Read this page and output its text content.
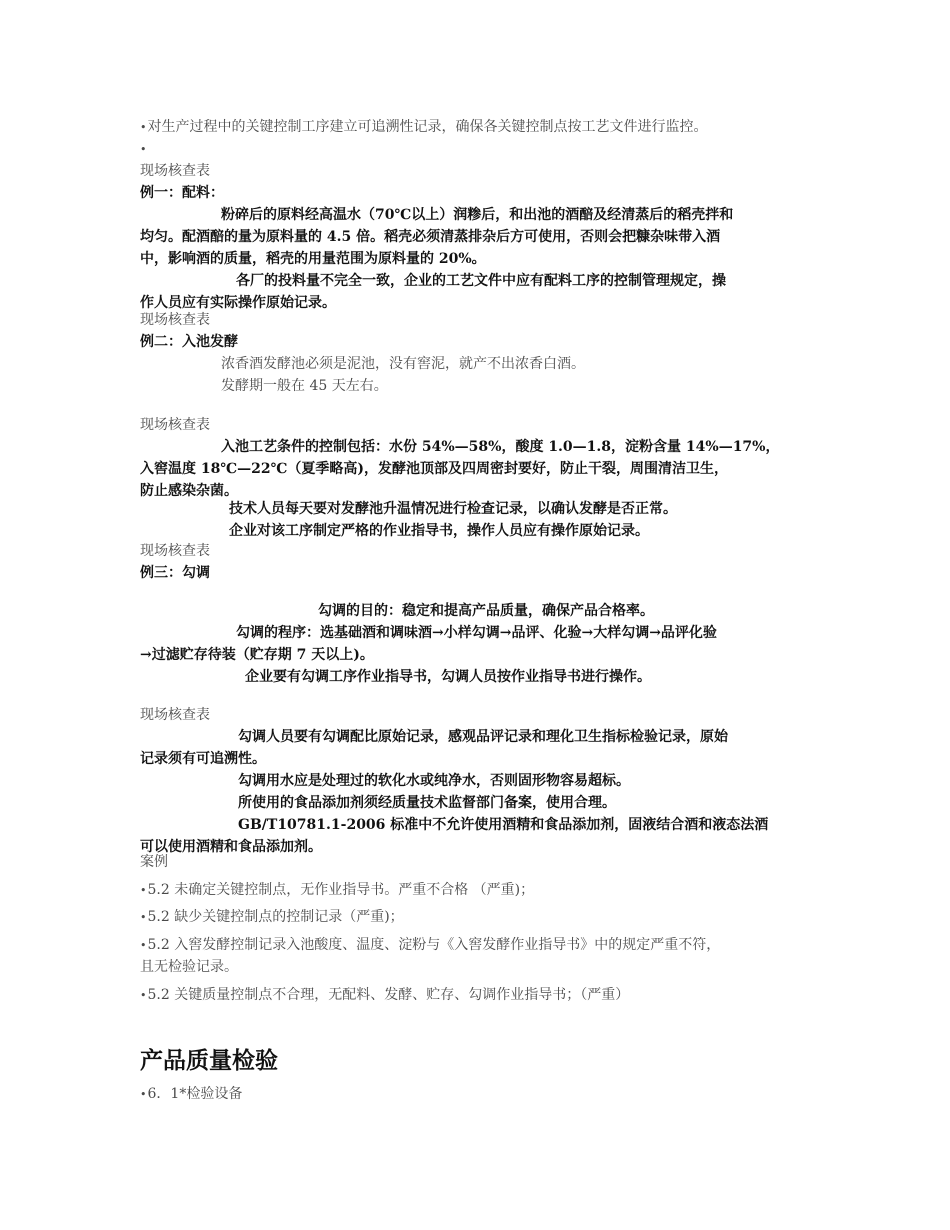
•对生产过程中的关键控制工序建立可追溯性记录，确保各关键控制点按工艺文件进行监控。
•
现场核查表
例一：配料：
粉碎后的原料经高温水（70℃以上）润糁后，和出池的酒醅及经清蒸后的稻壳拌和
均匀。配酒醅的量为原料量的 4.5 倍。稻壳必须清蒸排杂后方可使用，否则会把糠杂味带入酒
中，影响酒的质量，稻壳的用量范围为原料量的 20%。
各厂的投料量不完全一致，企业的工艺文件中应有配料工序的控制管理规定，操
作人员应有实际操作原始记录。
现场核查表
例二：入池发酵
浓香酒发酵池必须是泥池，没有窖泥，就产不出浓香白酒。
发酵期一般在 45 天左右。
现场核查表
入池工艺条件的控制包括：水份 54%—58%，酸度 1.0—1.8，淀粉含量 14%—17%，
入窖温度 18℃—22℃（夏季略高)，发酵池顶部及四周密封要好，防止干裂，周围清洁卫生，
防止感染杂菌。
技术人员每天要对发酵池升温情况进行检查记录，以确认发酵是否正常。
企业对该工序制定严格的作业指导书，操作人员应有操作原始记录。
现场核查表
例三：勾调
勾调的目的：稳定和提高产品质量，确保产品合格率。
勾调的程序：选基础酒和调味酒→小样勾调→品评、化验→大样勾调→品评化验
→过滤贮存待装（贮存期 7 天以上)。
企业要有勾调工序作业指导书，勾调人员按作业指导书进行操作。
现场核查表
勾调人员要有勾调配比原始记录，感观品评记录和理化卫生指标检验记录，原始
记录须有可追溯性。
勾调用水应是处理过的软化水或纯净水，否则固形物容易超标。
所使用的食品添加剂须经质量技术监督部门备案，使用合理。
GB/T10781.1-2006 标准中不允许使用酒精和食品添加剂，固液结合酒和液态法酒
可以使用酒精和食品添加剂。
案例
•5.2 未确定关键控制点，无作业指导书。严重不合格 （严重)；
•5.2 缺少关键控制点的控制记录（严重)；
•5.2 入窖发酵控制记录入池酸度、温度、淀粉与《入窖发酵作业指导书》中的规定严重不符，
且无检验记录。
•5.2 关键质量控制点不合理，无配料、发酵、贮存、勾调作业指导书；（严重）
产品质量检验
•6．1*检验设备
